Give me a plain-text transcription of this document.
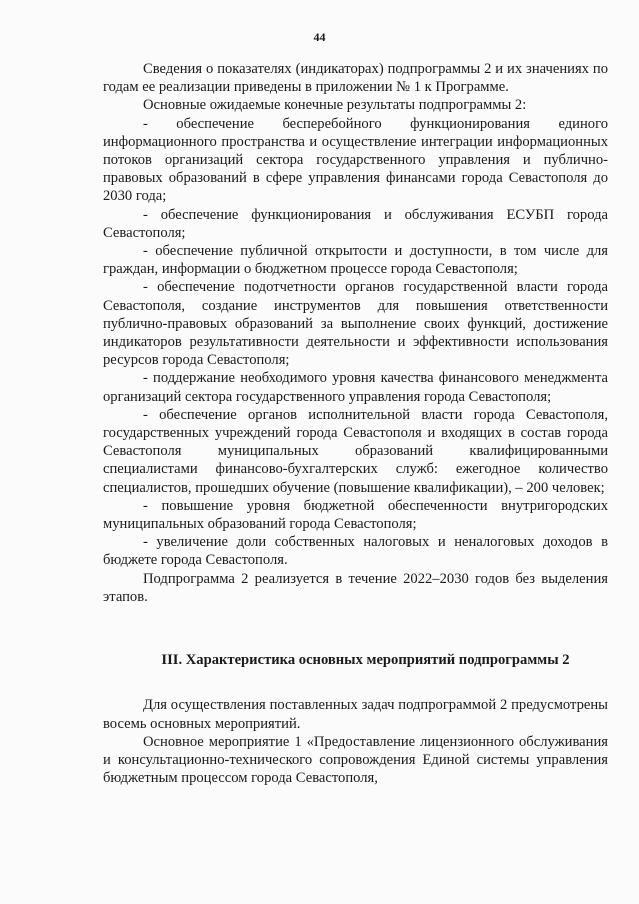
44

Сведения о показателях (индикаторах) подпрограммы 2 и их значениях по годам ее реализации приведены в приложении № 1 к Программе.

Основные ожидаемые конечные результаты подпрограммы 2:

- обеспечение бесперебойного функционирования единого информационного пространства и осуществление интеграции информационных потоков организаций сектора государственного управления и публично-правовых образований в сфере управления финансами города Севастополя до 2030 года;

- обеспечение функционирования и обслуживания ЕСУБП города Севастополя;

- обеспечение публичной открытости и доступности, в том числе для граждан, информации о бюджетном процессе города Севастополя;

- обеспечение подотчетности органов государственной власти города Севастополя, создание инструментов для повышения ответственности публично-правовых образований за выполнение своих функций, достижение индикаторов результативности деятельности и эффективности использования ресурсов города Севастополя;

- поддержание необходимого уровня качества финансового менеджмента организаций сектора государственного управления города Севастополя;

- обеспечение органов исполнительной власти города Севастополя, государственных учреждений города Севастополя и входящих в состав города Севастополя муниципальных образований квалифицированными специалистами финансово-бухгалтерских служб: ежегодное количество специалистов, прошедших обучение (повышение квалификации), – 200 человек;

- повышение уровня бюджетной обеспеченности внутригородских муниципальных образований города Севастополя;

- увеличение доли собственных налоговых и неналоговых доходов в бюджете города Севастополя.

Подпрограмма 2 реализуется в течение 2022–2030 годов без выделения этапов.

III. Характеристика основных мероприятий подпрограммы 2

Для осуществления поставленных задач подпрограммой 2 предусмотрены восемь основных мероприятий.

Основное мероприятие 1 «Предоставление лицензионного обслуживания и консультационно-технического сопровождения Единой системы управления бюджетным процессом города Севастополя,
